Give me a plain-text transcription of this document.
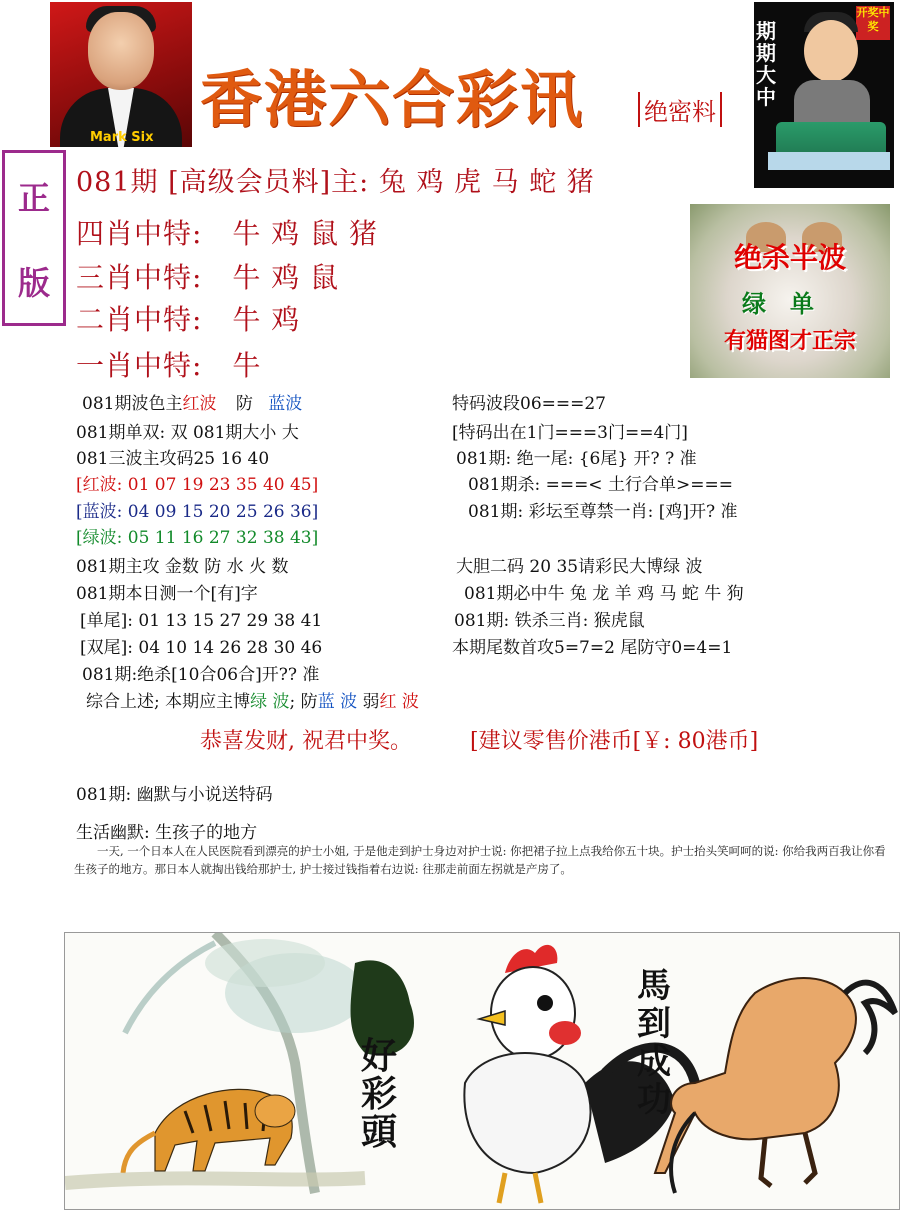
Mark Six
香港六合彩讯 绝密料
期期大中
开奖中奖
正
版
081期 [高级会员料]主: 兔 鸡 虎 马 蛇 猪
四肖中特: 牛 鸡 鼠 猪
三肖中特: 牛 鸡 鼠
二肖中特: 牛 鸡
一肖中特: 牛
绝杀半波
绿单
有猫图才正宗
081期波色主红波 防 蓝波
081期单双: 双 081期大小 大
081三波主攻码25 16 40
[红波: 01 07 19 23 35 40 45]
[蓝波: 04 09 15 20 25 26 36]
[绿波: 05 11 16 27 32 38 43]
081期主攻 金数 防 水 火 数
081期本日测一个[有]字
[单尾]: 01 13 15 27 29 38 41
[双尾]: 04 10 14 26 28 30 46
081期:绝杀[10合06合]开?? 准
特码波段06===27
[特码出在1门===3门==4门]
081期: 绝一尾: {6尾} 开? ? 准
081期杀: ===< 土行合单>===
081期: 彩坛至尊禁一肖: [鸡]开? 准
大胆二码 20 35请彩民大博绿 波
081期必中牛 兔 龙 羊 鸡 马 蛇 牛 狗
081期: 铁杀三肖: 猴虎鼠
本期尾数首攻5=7=2 尾防守0=4=1
综合上述; 本期应主博绿 波; 防蓝 波 弱红 波
恭喜发财, 祝君中奖。	[建议零售价港币[￥: 80港币]
081期: 幽默与小说送特码
生活幽默: 生孩子的地方
一天, 一个日本人在人民医院看到漂亮的护士小姐, 于是他走到护士身边对护士说: 你把裙子拉上点我给你五十块。护士抬头笑呵呵的说: 你给我两百我让你看生孩子的地方。那日本人就掏出钱给那护士, 护士接过钱指着右边说: 往那走前面左拐就是产房了。
好彩頭
馬到成功
